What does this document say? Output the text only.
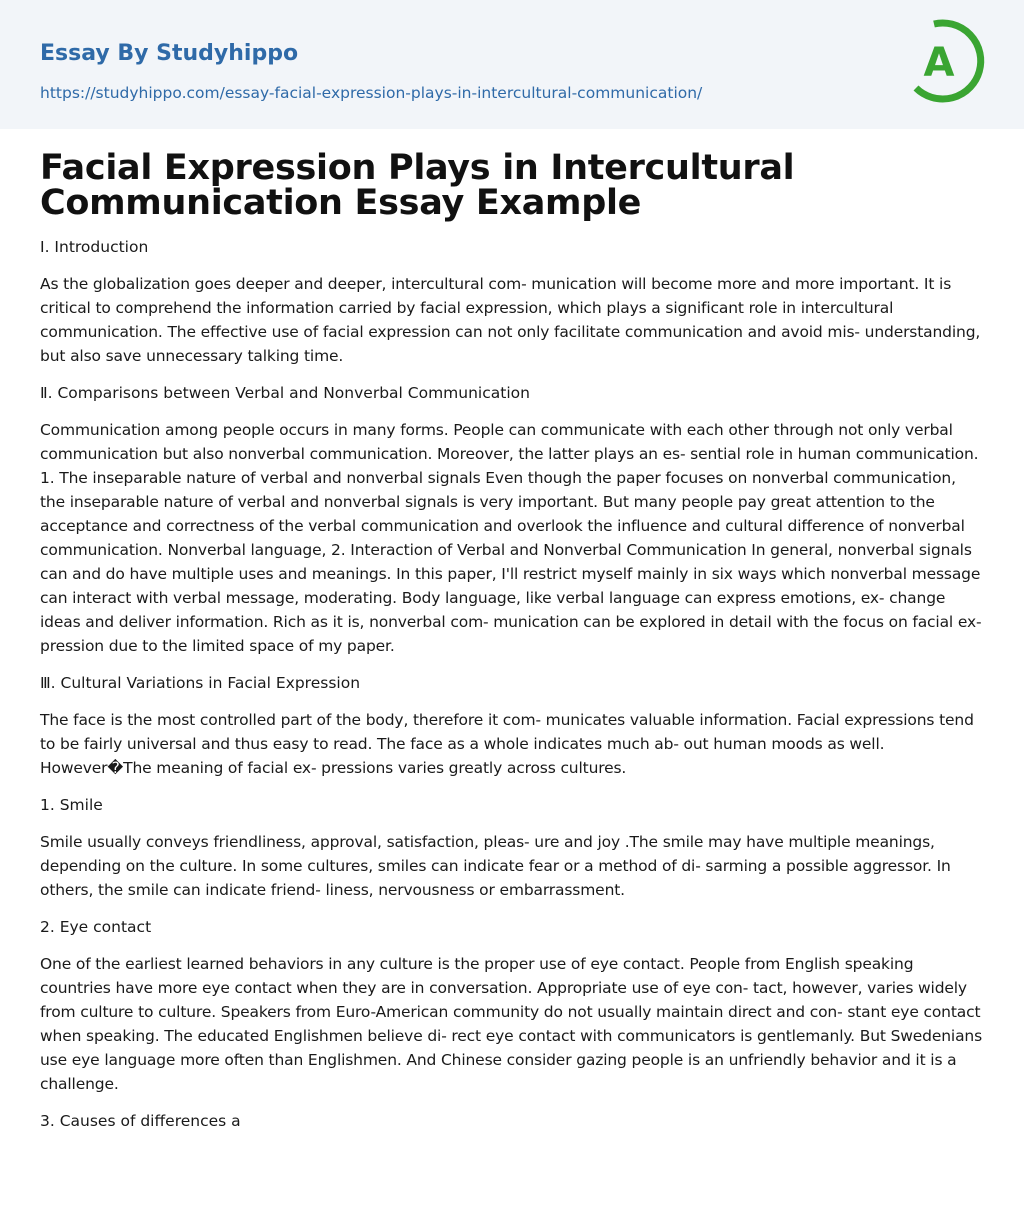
Essay By Studyhippo
https://studyhippo.com/essay-facial-expression-plays-in-intercultural-communication/
A
Facial Expression Plays in Intercultural Communication Essay Example
I. Introduction

As the globalization goes deeper and deeper, intercultural com- munication will become more and more important. It is critical to comprehend the information carried by facial expression, which plays a significant role in intercultural communication. The effective use of facial expression can not only facilitate communication and avoid mis- understanding, but also save unnecessary talking time.

Ⅱ. Comparisons between Verbal and Nonverbal Communication

Communication among people occurs in many forms. People can communicate with each other through not only verbal communication but also nonverbal communication. Moreover, the latter plays an es- sential role in human communication. 1. The inseparable nature of verbal and nonverbal signals Even though the paper focuses on nonverbal communication, the inseparable nature of verbal and nonverbal signals is very important. But many people pay great attention to the acceptance and correctness of the verbal communication and overlook the influence and cultural difference of nonverbal communication. Nonverbal language, 2. Interaction of Verbal and Nonverbal Communication In general, nonverbal signals can and do have multiple uses and meanings. In this paper, I'll restrict myself mainly in six ways which nonverbal message can interact with verbal message, moderating. Body language, like verbal language can express emotions, ex- change ideas and deliver information. Rich as it is, nonverbal com- munication can be explored in detail with the focus on facial ex- pression due to the limited space of my paper.

Ⅲ. Cultural Variations in Facial Expression

The face is the most controlled part of the body, therefore it com- municates valuable information. Facial expressions tend to be fairly universal and thus easy to read. The face as a whole indicates much ab- out human moods as well. However�The meaning of facial ex- pressions varies greatly across cultures.

1. Smile

Smile usually conveys friendliness, approval, satisfaction, pleas- ure and joy .The smile may have multiple meanings, depending on the culture. In some cultures, smiles can indicate fear or a method of di- sarming a possible aggressor. In others, the smile can indicate friend- liness, nervousness or embarrassment.

2. Eye contact

One of the earliest learned behaviors in any culture is the proper use of eye contact. People from English speaking countries have more eye contact when they are in conversation. Appropriate use of eye con- tact, however, varies widely from culture to culture. Speakers from Euro-American community do not usually maintain direct and con- stant eye contact when speaking. The educated Englishmen believe di- rect eye contact with communicators is gentlemanly. But Swedenians use eye language more often than Englishmen. And Chinese consider gazing people is an unfriendly behavior and it is a challenge.

3. Causes of differences a
